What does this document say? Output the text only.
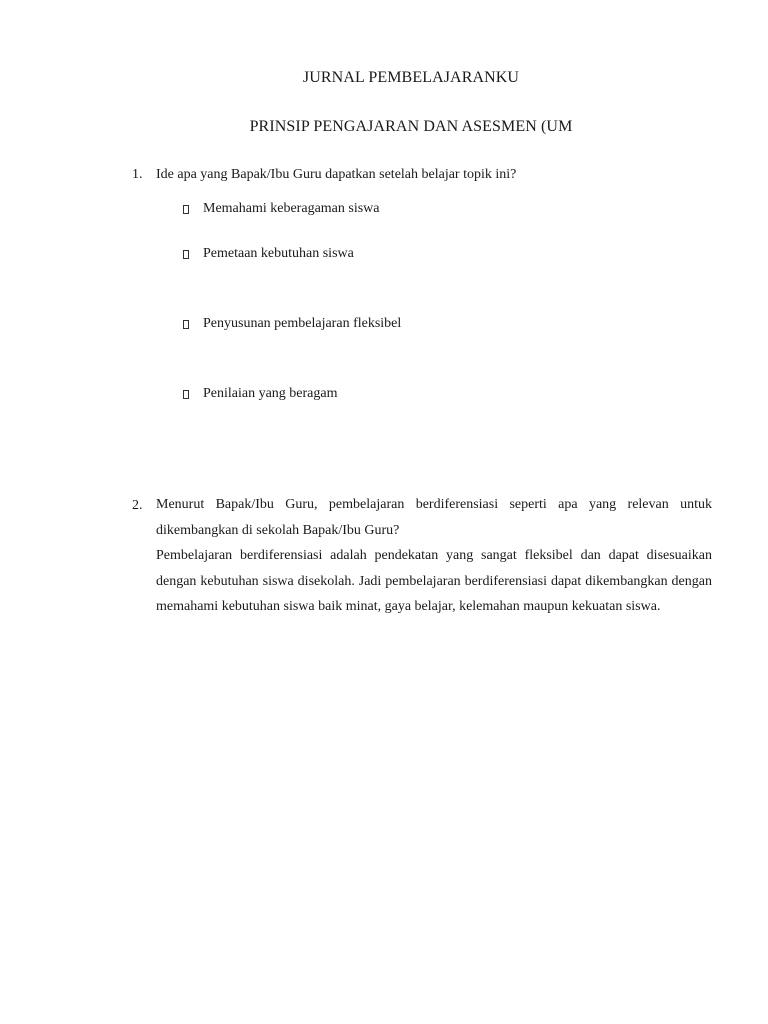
JURNAL PEMBELAJARANKU
PRINSIP PENGAJARAN DAN ASESMEN (UM
1. Ide apa yang Bapak/Ibu Guru dapatkan setelah belajar topik ini?
Memahami keberagaman siswa
Pemetaan kebutuhan siswa
Penyusunan pembelajaran fleksibel
Penilaian yang beragam
2. Menurut Bapak/Ibu Guru, pembelajaran berdiferensiasi seperti apa yang relevan untuk dikembangkan di sekolah Bapak/Ibu Guru?

Pembelajaran berdiferensiasi adalah pendekatan yang sangat fleksibel dan dapat disesuaikan dengan kebutuhan siswa disekolah. Jadi pembelajaran berdiferensiasi dapat dikembangkan dengan memahami kebutuhan siswa baik minat, gaya belajar, kelemahan maupun kekuatan siswa.
